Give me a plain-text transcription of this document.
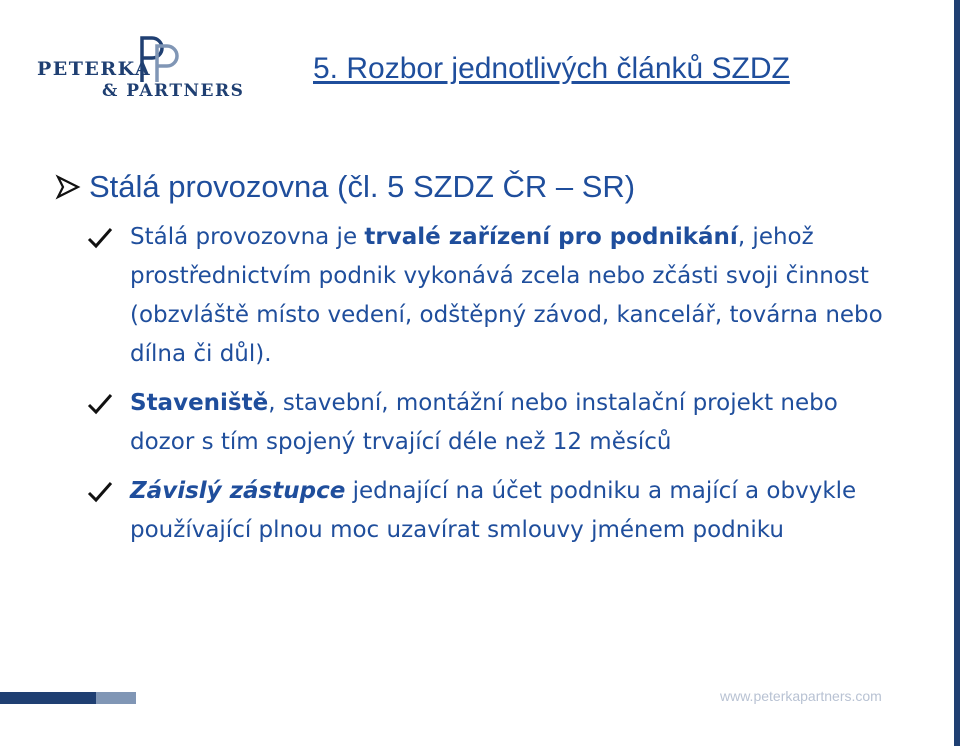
PETERKA
& PARTNERS
5. Rozbor jednotlivých článků SZDZ
Stálá provozovna (čl. 5 SZDZ ČR – SR)
Stálá provozovna je trvalé zařízení pro podnikání, jehož prostřednictvím podnik vykonává zcela nebo zčásti svoji činnost (obzvláště místo vedení, odštěpný závod, kancelář, továrna nebo dílna či důl).
Staveniště, stavební, montážní nebo instalační projekt nebo dozor s tím spojený trvající déle než 12 měsíců
Závislý zástupce jednající na účet podniku a mající a obvykle používající plnou moc uzavírat smlouvy jménem podniku
www.peterkapartners.com
